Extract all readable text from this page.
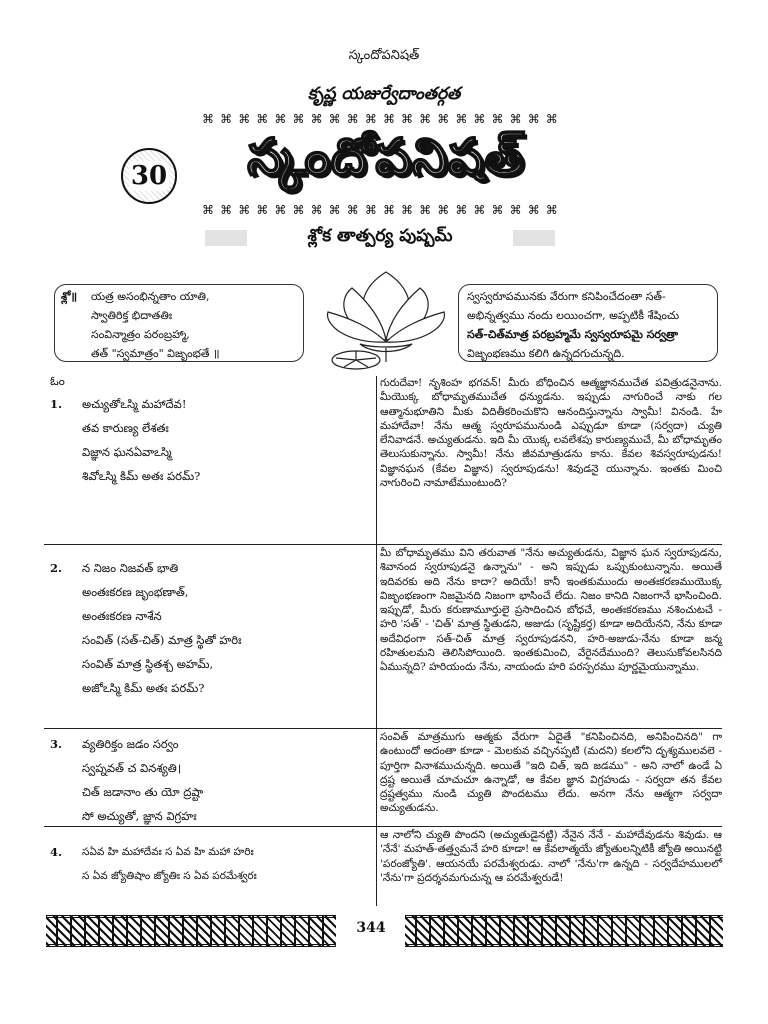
స్కందోపనిషత్
కృష్ణ యజుర్వేదాంతర్గత
⌘ ⌘ ⌘ ⌘ ⌘ ⌘ ⌘ ⌘ ⌘ ⌘ ⌘ ⌘ ⌘ ⌘ ⌘ ⌘ ⌘ ⌘ ⌘ ⌘
30	స్కందోపనిషత్
⌘ ⌘ ⌘ ⌘ ⌘ ⌘ ⌘ ⌘ ⌘ ⌘ ⌘ ⌘ ⌘ ⌘ ⌘ ⌘ ⌘ ⌘ ⌘ ⌘
శ్లోక తాత్పర్య పుష్పమ్
శ్లో॥	యత్ర అసంభిన్నతాం యాతి,
స్వాతిరిక్త భిదాతతిః
సంవిన్మాత్రం పరంబ్రహ్మా,
తత్ "స్వమాత్రం" విజృంభతే ॥
స్వస్వరూపమునకు వేరుగా కనిపించేదంతా సత్-
అభిన్నత్వము నందు లయించగా, అప్పటికీ శేషించు
సత్-చిత్‌మాత్ర పరబ్రహ్మమే స్వస్వరూపమై సర్వత్రా
విజృంభణము కలిగి ఉన్నదగుచున్నది.
ఓం
1. అచ్యుతోఽస్మి మహాదేవ!
తవ కారుణ్య లేశతః
విజ్ఞాన ఘనఏవాఽస్మి
శివోఽస్మి కిమ్ అతః పరమ్?
గురుదేవా! నృశింహ భగవన్! మీరు బోధించిన ఆత్మజ్ఞానముచేత పవిత్రుడనైనాను. మీయొక్క బోధామృతముచేత ధన్యుడను. ఇప్పుడు నాగురించే నాకు గల ఆత్మానుభూతిని మీకు విదితీకరించుకొని ఆనందిస్తున్నాను స్వామీ! వినండి. హే మహాదేవా! నేను ఆత్మ స్వరూపమునుండి ఎప్పుడూ కూడా (సర్వదా) చ్యుతి లేనివాడనే. అచ్యుతుడను. ఇది మీ యొక్క లవలేశపు కారుణ్యముచే, మీ బోధామృతం తెలుసుకున్నాను. స్వామీ! నేను జీవమాత్రుడను కాను. కేవల శివస్వరూపుడను! విజ్ఞానఘన (కేవల విజ్ఞాన) స్వరూపుడను! శివుడనై యున్నాను. ఇంతకు మించి నాగురించి నామాటేముంటుంది?
2. న నిజం నిజవత్ భాతి
అంతఃకరణ జృంభణాత్,
అంతఃకరణ నాశేన
సంవిత్ (సత్-చిత్) మాత్ర స్థితో హరిః
సంవిత్ మాత్ర స్థితశ్చ అహమ్,
అజోఽస్మి కిమ్ అతః పరమ్?
మీ బోధామృతము విని తరువాత "నేను అచ్యుతుడను, విజ్ఞాన ఘన స్వరూపుడను, శివానంద స్వరూపుడనై ఉన్నాను" - అని ఇప్పుడు ఒప్పుకుంటున్నాను. అయితే ఇదివరకు అది నేను కాదా? అదియే! కానీ ఇంతకుముందు అంతఃకరణముయొక్క విజృంభణంగా నిజమైనది నిజంగా భాసించే లేదు. నిజం కానిది నిజంగానే భాసించింది. ఇప్పుడో, మీరు కరుణామూర్తులై ప్రసాదించిన బోధచే, అంతఃకరణము నశించుటచే - హరి 'సత్' - 'చిత్' మాత్ర స్థితుడని, అజుడు (సృష్టికర్త) కూడా అదియేనని, నేను కూడా అదేవిధంగా సత్-చిత్ మాత్ర స్వరూపుడనని, హరి-అజుడు-నేను కూడా జన్మ రహితులమని తెలిసిపోయింది. ఇంతకుమించి, వేరైనదేముంది? తెలుసుకోవలసినది ఏమున్నది? హరియందు నేను, నాయందు హరి పరస్పరము పూర్ణమైయున్నాము.
3. వ్యతిరిక్తం జడం సర్వం
స్వప్నవత్ చ వినశ్యతి।
చిత్ జడానాం తు యో ద్రష్టా
సో అచ్యుతో, జ్ఞాన విగ్రహః
సంవిత్ మాత్రముగు ఆత్మకు వేరుగా ఏదైతే "కనిపించినది, అనిపించినది" గా ఉంటుందో అదంతా కూడా - మెలకువ వచ్చినప్పటి (మదని) కలలోని దృశ్యములవలె - పూర్తిగా వినాశముచున్నది. అయితే "ఇది చిత్, ఇది జడము" - అని నాలో ఉండే ఏ ద్రష్ట అయితే చూచుచూ ఉన్నాడో, ఆ కేవల జ్ఞాన విగ్రహుడు - సర్వదా తన కేవల ద్రష్టత్వము నుండి చ్యుతి పొందటము లేదు. అనగా నేను ఆత్మగా సర్వదా అచ్యుతుడను.
4. సఏవ హి మహాదేవః స ఏవ హి మహా హరిః
స ఏవ జ్యోతిషాం జ్యోతిః స ఏవ పరమేశ్వరః
ఆ నాలోని చ్యుతి పొందని (అచ్యుతుడైనట్టి) నేనైన నేనే - మహాదేవుడను శివుడు. ఆ 'నేనే' మహత్-తత్త్వమనే హరి కూడా! ఆ కేవలాత్మయే జ్యోతులన్నిటికీ జ్యోతి అయినట్టి 'పరంజ్యోతి'. ఆయనయే పరమేశ్వరుడు. నాలో 'నేను'గా ఉన్నది - సర్వదేహములలో 'నేను'గా ప్రదర్శనమగుచున్న ఆ పరమేశ్వరుడే!
344
